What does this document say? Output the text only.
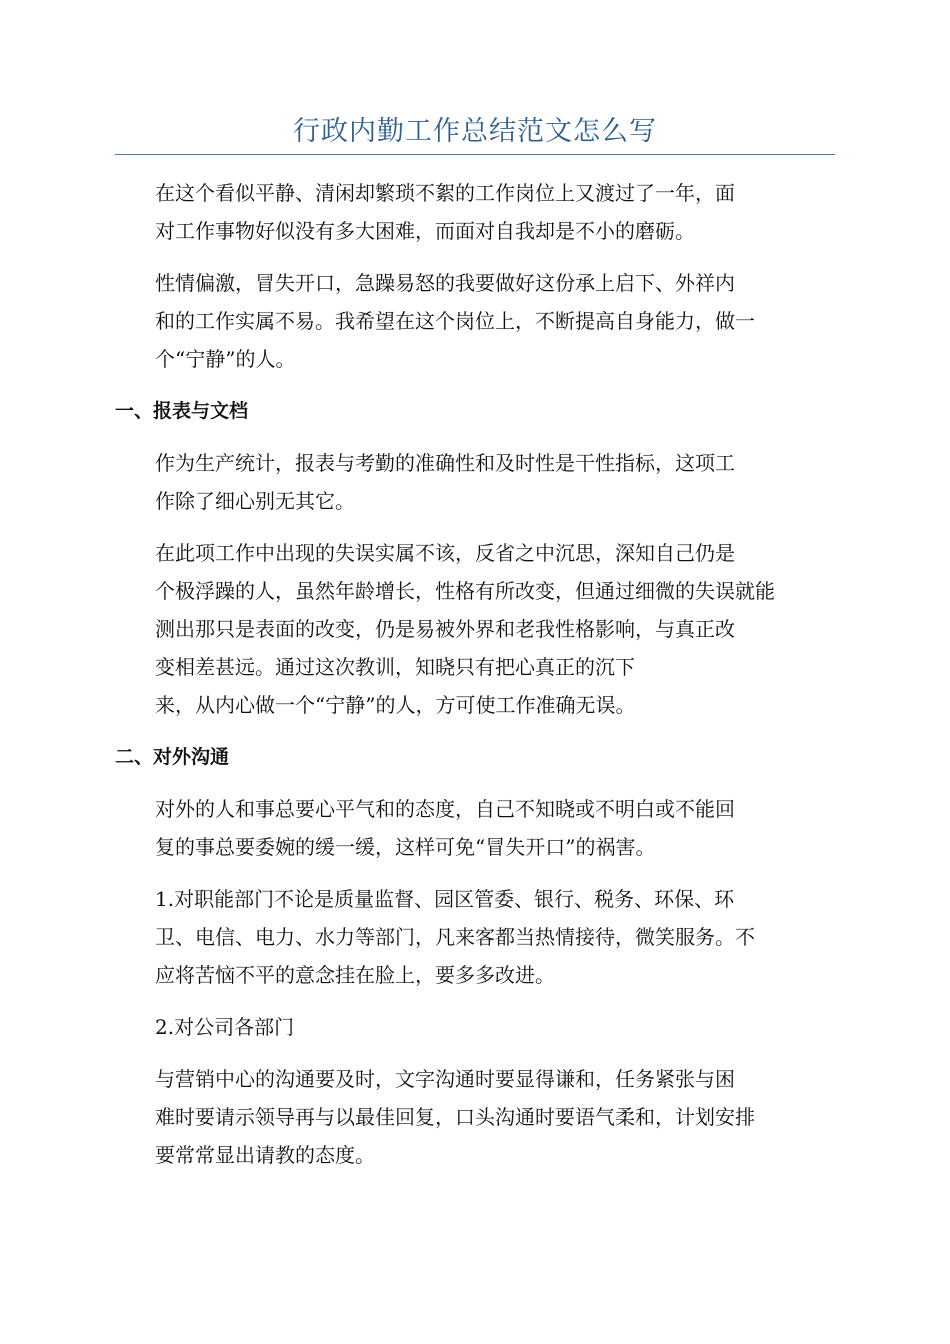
行政内勤工作总结范文怎么写

在这个看似平静、清闲却繁琐不絮的工作岗位上又渡过了一年，面
对工作事物好似没有多大困难，而面对自我却是不小的磨砺。

性情偏激，冒失开口，急躁易怒的我要做好这份承上启下、外祥内
和的工作实属不易。我希望在这个岗位上，不断提高自身能力，做一
个“宁静”的人。

一、报表与文档

作为生产统计，报表与考勤的准确性和及时性是干性指标，这项工
作除了细心别无其它。

在此项工作中出现的失误实属不该，反省之中沉思，深知自己仍是
个极浮躁的人，虽然年龄增长，性格有所改变，但通过细微的失误就能
测出那只是表面的改变，仍是易被外界和老我性格影响，与真正改
变相差甚远。通过这次教训，知晓只有把心真正的沉下
来，从内心做一个“宁静”的人，方可使工作准确无误。

二、对外沟通

对外的人和事总要心平气和的态度，自己不知晓或不明白或不能回
复的事总要委婉的缓一缓，这样可免“冒失开口”的祸害。

1.对职能部门不论是质量监督、园区管委、银行、税务、环保、环
卫、电信、电力、水力等部门，凡来客都当热情接待，微笑服务。不
应将苦恼不平的意念挂在脸上，要多多改进。

2.对公司各部门

与营销中心的沟通要及时，文字沟通时要显得谦和，任务紧张与困
难时要请示领导再与以最佳回复，口头沟通时要语气柔和，计划安排
要常常显出请教的态度。
